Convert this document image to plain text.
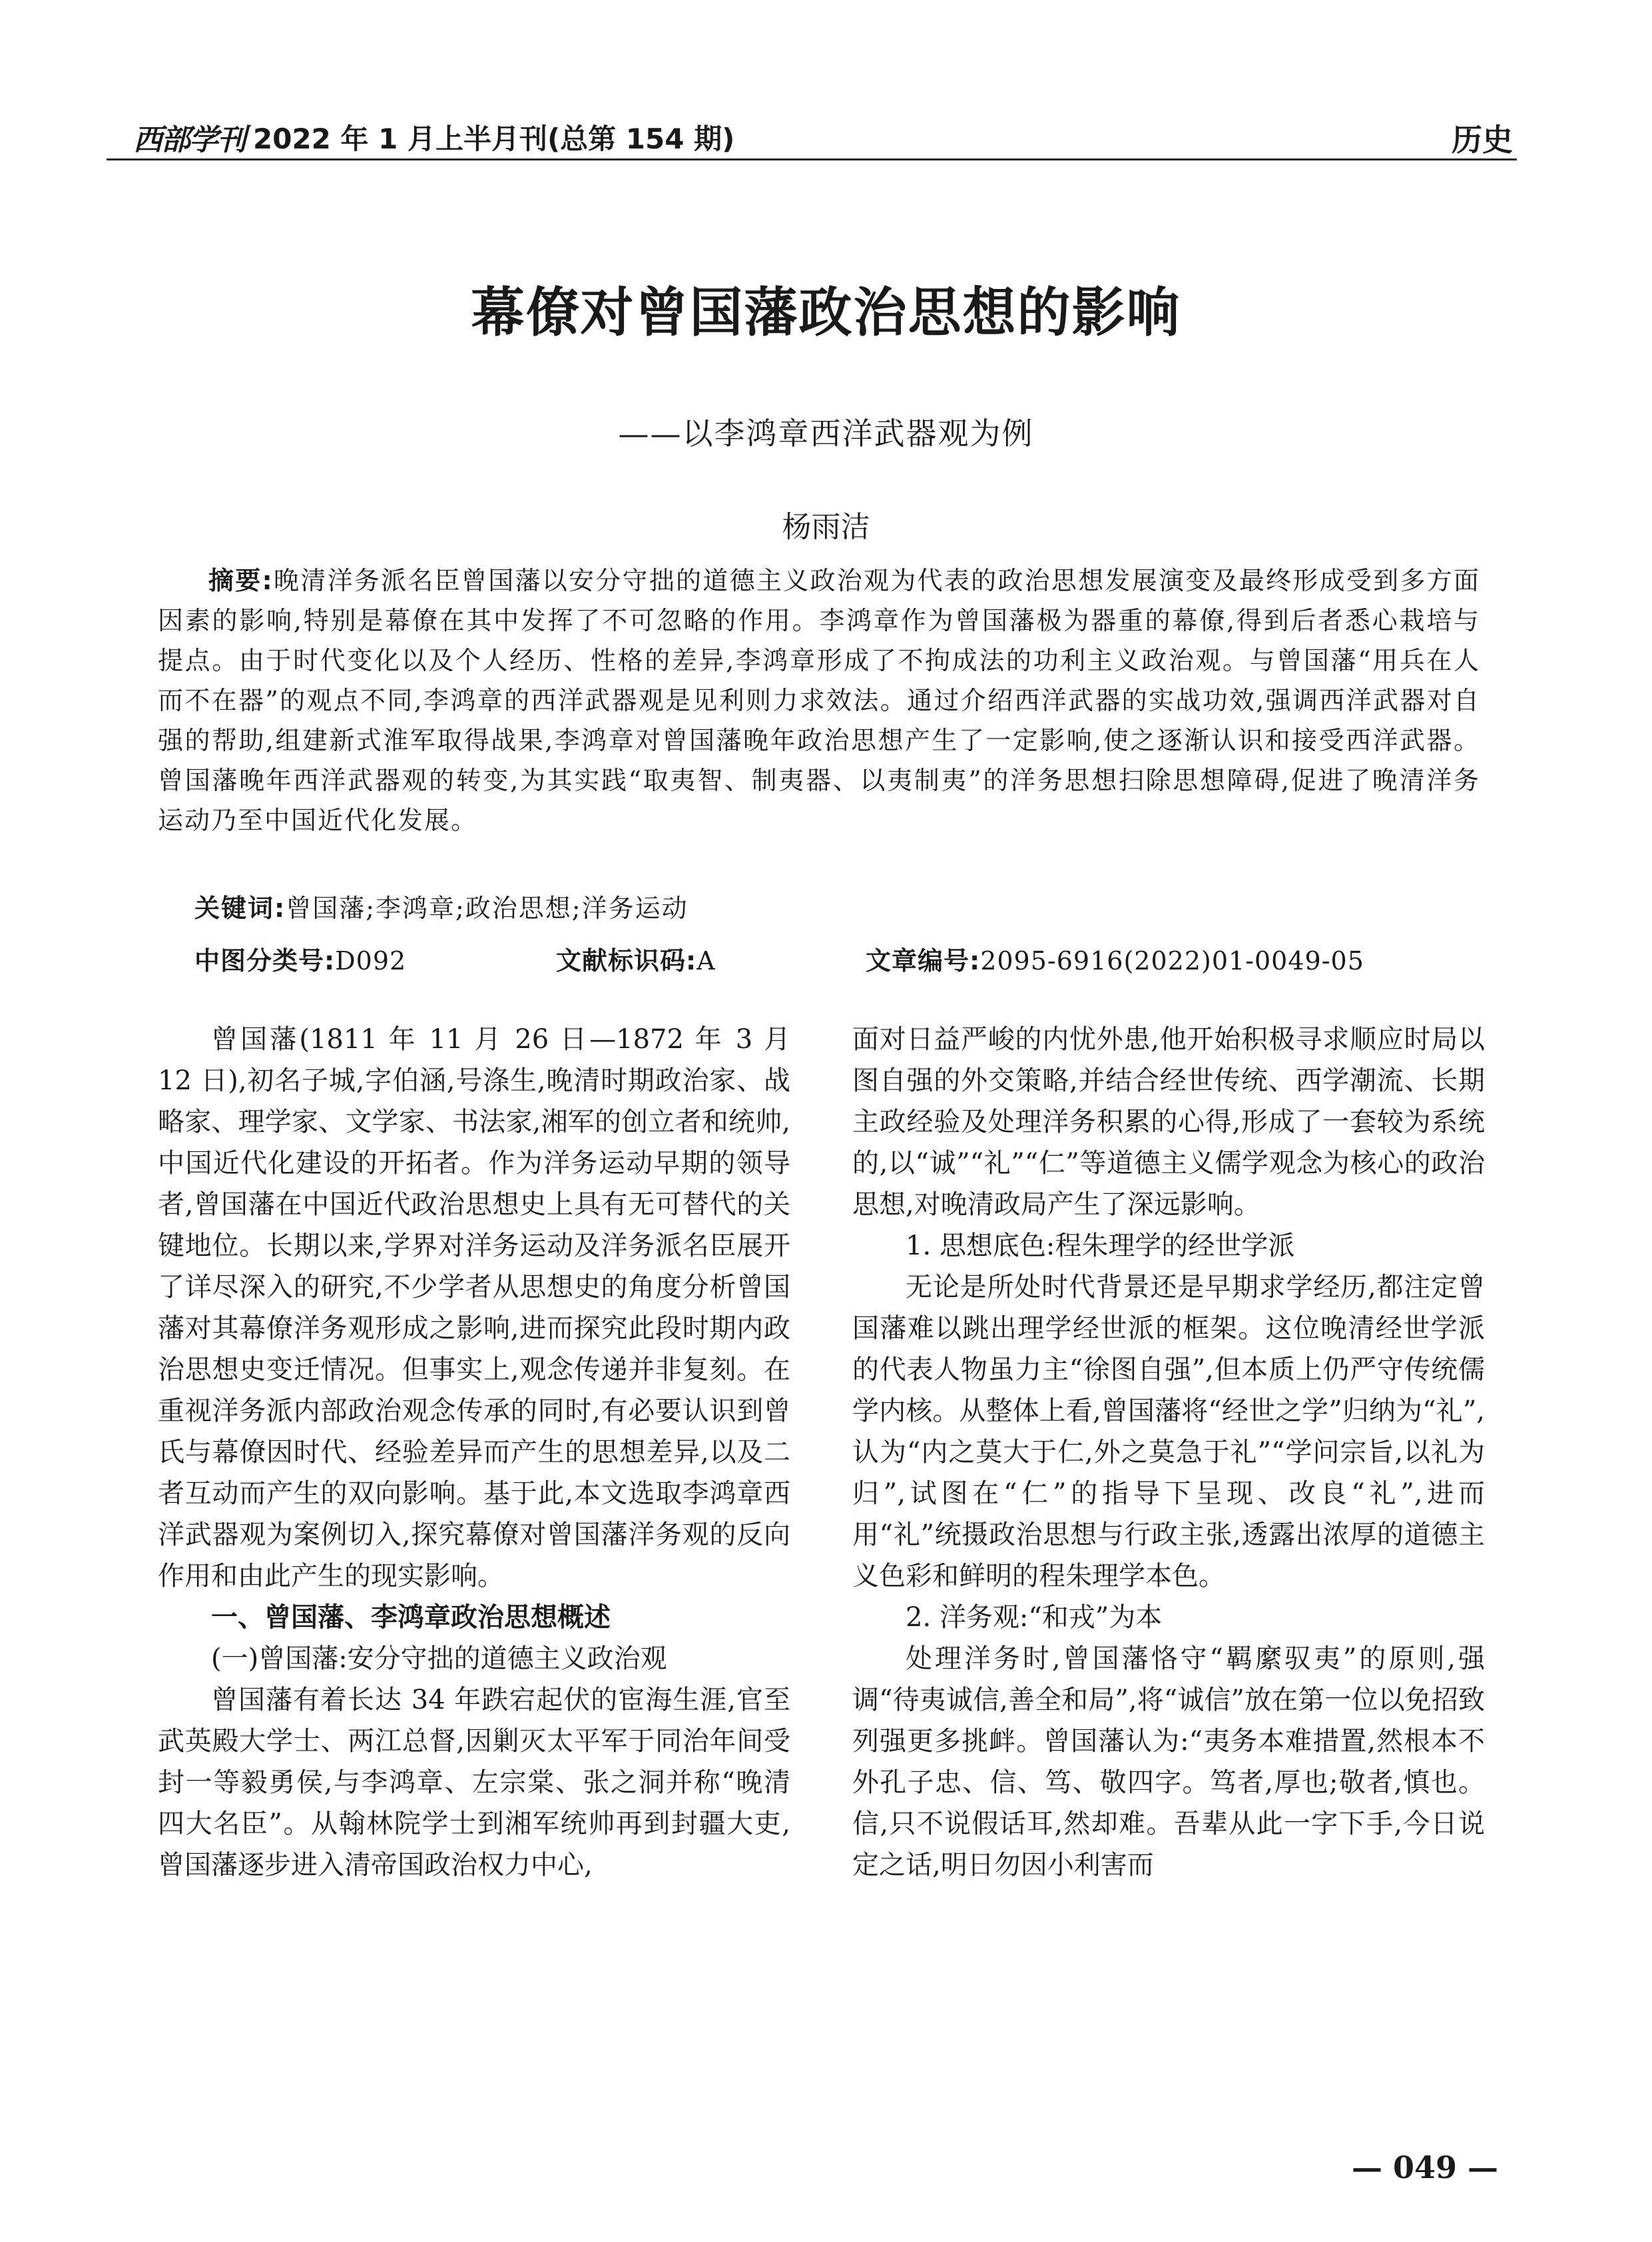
西部学刊 2022 年 1 月上半月刊(总第 154 期)	历史
幕僚对曾国藩政治思想的影响
——以李鸿章西洋武器观为例
杨雨洁
摘要:晚清洋务派名臣曾国藩以安分守拙的道德主义政治观为代表的政治思想发展演变及最终形成受到多方面因素的影响,特别是幕僚在其中发挥了不可忽略的作用。李鸿章作为曾国藩极为器重的幕僚,得到后者悉心栽培与提点。由于时代变化以及个人经历、性格的差异,李鸿章形成了不拘成法的功利主义政治观。与曾国藩“用兵在人而不在器”的观点不同,李鸿章的西洋武器观是见利则力求效法。通过介绍西洋武器的实战功效,强调西洋武器对自强的帮助,组建新式淮军取得战果,李鸿章对曾国藩晚年政治思想产生了一定影响,使之逐渐认识和接受西洋武器。曾国藩晚年西洋武器观的转变,为其实践“取夷智、制夷器、以夷制夷”的洋务思想扫除思想障碍,促进了晚清洋务运动乃至中国近代化发展。
关键词:曾国藩;李鸿章;政治思想;洋务运动
中图分类号:D092	文献标识码:A	文章编号:2095-6916(2022)01-0049-05

曾国藩(1811 年 11 月 26 日—1872 年 3 月 12 日),初名子城,字伯涵,号涤生,晚清时期政治家、战略家、理学家、文学家、书法家,湘军的创立者和统帅,中国近代化建设的开拓者。作为洋务运动早期的领导者,曾国藩在中国近代政治思想史上具有无可替代的关键地位。长期以来,学界对洋务运动及洋务派名臣展开了详尽深入的研究,不少学者从思想史的角度分析曾国藩对其幕僚洋务观形成之影响,进而探究此段时期内政治思想史变迁情况。但事实上,观念传递并非复刻。在重视洋务派内部政治观念传承的同时,有必要认识到曾氏与幕僚因时代、经验差异而产生的思想差异,以及二者互动而产生的双向影响。基于此,本文选取李鸿章西洋武器观为案例切入,探究幕僚对曾国藩洋务观的反向作用和由此产生的现实影响。

一、曾国藩、李鸿章政治思想概述
(一)曾国藩:安分守拙的道德主义政治观

曾国藩有着长达 34 年跌宕起伏的宦海生涯,官至武英殿大学士、两江总督,因剿灭太平军于同治年间受封一等毅勇侯,与李鸿章、左宗棠、张之洞并称“晚清四大名臣”。从翰林院学士到湘军统帅再到封疆大吏,曾国藩逐步进入清帝国政治权力中心,

面对日益严峻的内忧外患,他开始积极寻求顺应时局以图自强的外交策略,并结合经世传统、西学潮流、长期主政经验及处理洋务积累的心得,形成了一套较为系统的,以“诚”“礼”“仁”等道德主义儒学观念为核心的政治思想,对晚清政局产生了深远影响。

1. 思想底色:程朱理学的经世学派

无论是所处时代背景还是早期求学经历,都注定曾国藩难以跳出理学经世派的框架。这位晚清经世学派的代表人物虽力主“徐图自强”,但本质上仍严守传统儒学内核。从整体上看,曾国藩将“经世之学”归纳为“礼”,认为“内之莫大于仁,外之莫急于礼”“学问宗旨,以礼为归”,试图在“仁”的指导下呈现、改良“礼”,进而用“礼”统摄政治思想与行政主张,透露出浓厚的道德主义色彩和鲜明的程朱理学本色。

2. 洋务观:“和戎”为本

处理洋务时,曾国藩恪守“羁縻驭夷”的原则,强调“待夷诚信,善全和局”,将“诚信”放在第一位以免招致列强更多挑衅。曾国藩认为:“夷务本难措置,然根本不外孔子忠、信、笃、敬四字。笃者,厚也;敬者,慎也。信,只不说假话耳,然却难。吾辈从此一字下手,今日说定之话,明日勿因小利害而

— 049 —
